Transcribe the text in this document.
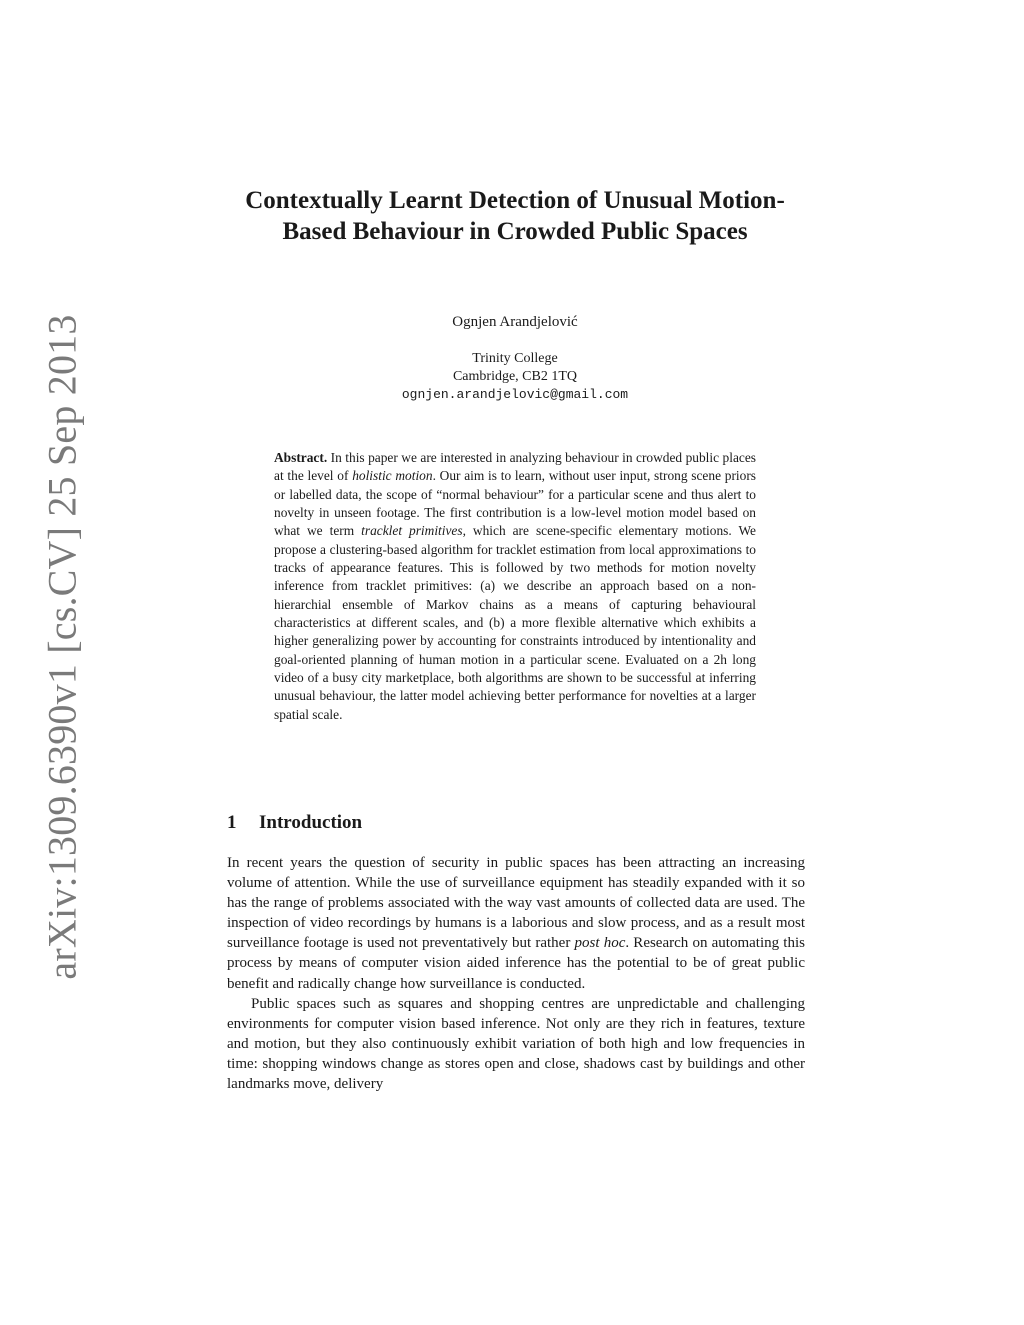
arXiv:1309.6390v1 [cs.CV] 25 Sep 2013
Contextually Learnt Detection of Unusual Motion-Based Behaviour in Crowded Public Spaces
Ognjen Arandjelović
Trinity College
Cambridge, CB2 1TQ
ognjen.arandjelovic@gmail.com

Abstract. In this paper we are interested in analyzing behaviour in crowded public places at the level of holistic motion. Our aim is to learn, without user input, strong scene priors or labelled data, the scope of “normal behaviour” for a particular scene and thus alert to novelty in unseen footage. The first contribution is a low-level motion model based on what we term tracklet primitives, which are scene-specific elementary motions. We propose a clustering-based algorithm for tracklet estimation from local approximations to tracks of appearance features. This is followed by two methods for motion novelty inference from tracklet primitives: (a) we describe an approach based on a non-hierarchial ensemble of Markov chains as a means of capturing behavioural characteristics at different scales, and (b) a more flexible alternative which exhibits a higher generalizing power by accounting for constraints introduced by intentionality and goal-oriented planning of human motion in a particular scene. Evaluated on a 2h long video of a busy city marketplace, both algorithms are shown to be successful at inferring unusual behaviour, the latter model achieving better performance for novelties at a larger spatial scale.

1 Introduction

In recent years the question of security in public spaces has been attracting an increasing volume of attention. While the use of surveillance equipment has steadily expanded with it so has the range of problems associated with the way vast amounts of collected data are used. The inspection of video recordings by humans is a laborious and slow process, and as a result most surveillance footage is used not preventatively but rather post hoc. Research on automating this process by means of computer vision aided inference has the potential to be of great public benefit and radically change how surveillance is conducted.

Public spaces such as squares and shopping centres are unpredictable and challenging environments for computer vision based inference. Not only are they rich in features, texture and motion, but they also continuously exhibit variation of both high and low frequencies in time: shopping windows change as stores open and close, shadows cast by buildings and other landmarks move, delivery
